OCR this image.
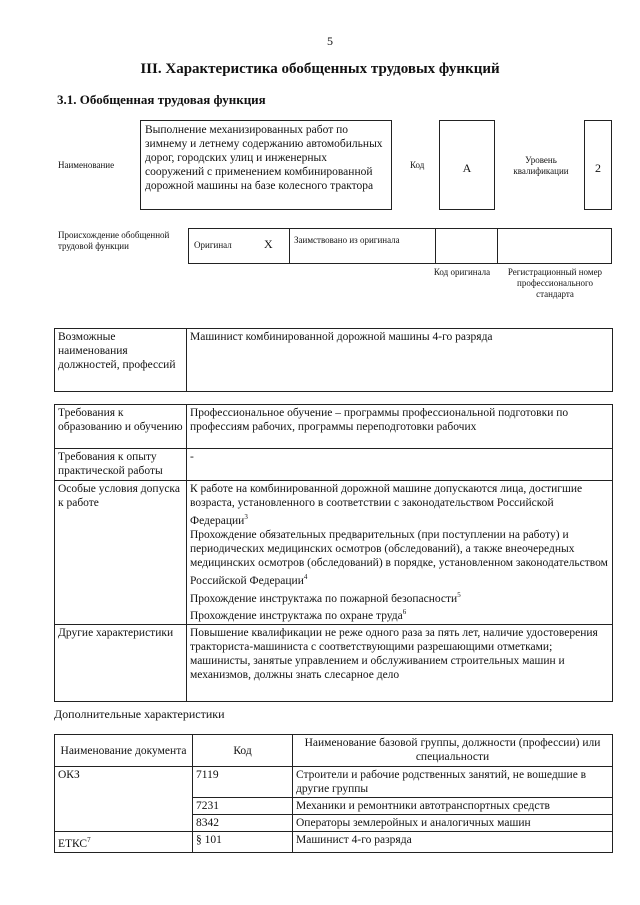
5
III. Характеристика обобщенных трудовых функций
3.1. Обобщенная трудовая функция
Наименование
Выполнение механизированных работ по зимнему и летнему содержанию автомобильных дорог, городских улиц и инженерных сооружений с применением комбинированной дорожной машины на базе колесного трактора
Код	А
Уровень квалификации	2
Происхождение обобщенной трудовой функции	Оригинал	X Заимствовано из оригинала
Код оригинала	Регистрационный номер профессионального стандарта
Возможные наименования должностей, профессий	Машинист комбинированной дорожной машины 4-го разряда
Требования к образованию и обучению	Профессиональное обучение – программы профессиональной подготовки по профессиям рабочих, программы переподготовки рабочих
Требования к опыту практической работы	-
Особые условия допуска к работе	К работе на комбинированной дорожной машине допускаются лица, достигшие возраста, установленного в соответствии с законодательством Российской Федерации$^3$
Прохождение обязательных предварительных (при поступлении на работу) и периодических медицинских осмотров (обследований), а также внеочередных медицинских осмотров (обследований) в порядке, установленном законодательством Российской Федерации$^4$
Прохождение инструктажа по пожарной безопасности$^5$
Прохождение инструктажа по охране труда$^6$

Другие характеристики	Повышение квалификации не реже одного раза за пять лет, наличие удостоверения тракториста-машиниста с соответствующими разрешающими отметками; машинисты, занятые управлением и обслуживанием строительных машин и механизмов, должны знать слесарное дело
Дополнительные характеристики
Наименование документа	Код	Наименование базовой группы, должности (профессии) или специальности
ОКЗ	7119	Строители и рабочие родственных занятий, не вошедшие в другие группы
	7231	Механики и ремонтники автотранспортных средств
	8342	Операторы землеройных и аналогичных машин
ЕТКС$^7$	§ 101	Машинист 4-го разряда
